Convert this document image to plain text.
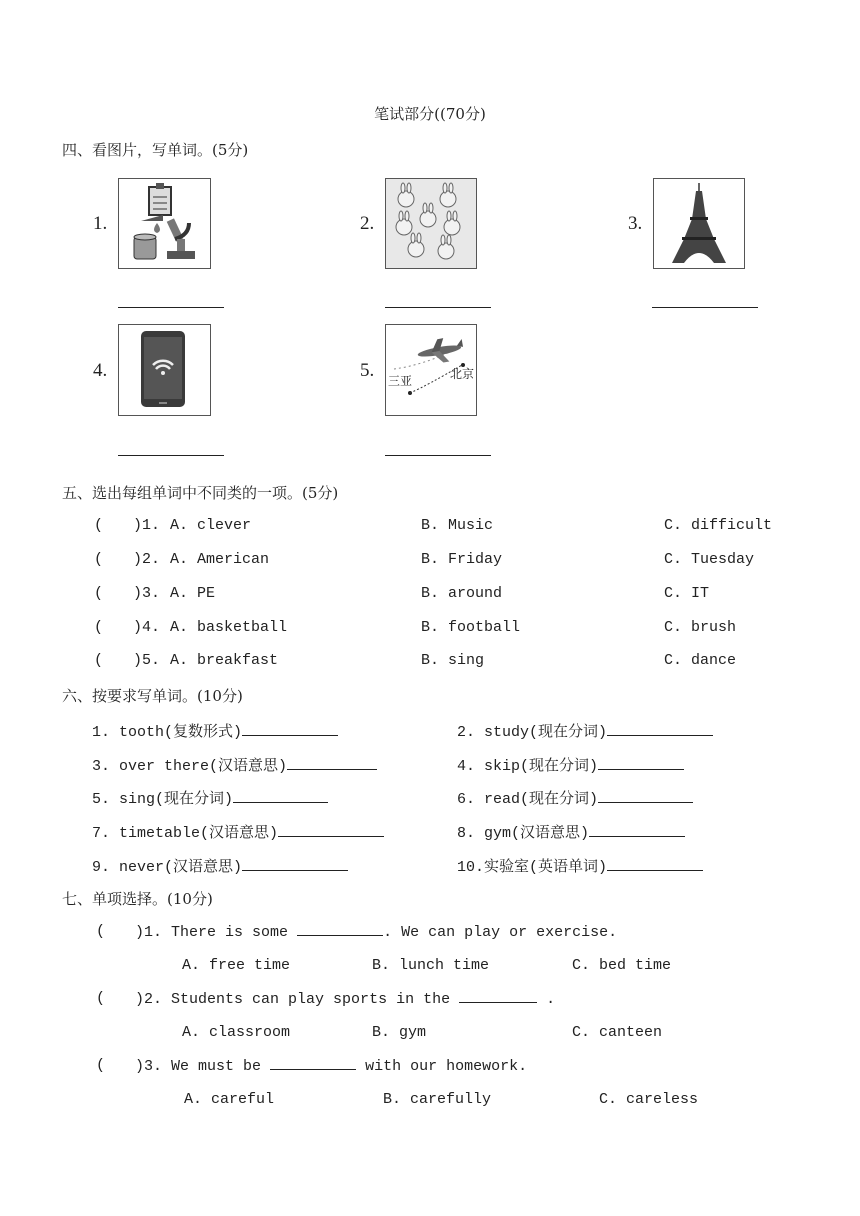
笔试部分((70分)
四、看图片，写单词。(5分)
1.	2.	3.
4.	5. 三亚	北京
五、选出每组单词中不同类的一项。(5分)
( )1. A. clever	B. Music	C. difficult
( )2. A. American	B. Friday	C. Tuesday
( )3. A. PE	B. around	C. IT
( )4. A. basketball	B. football	C. brush
( )5. A. breakfast	B. sing	C. dance
六、按要求写单词。(10分)
1. tooth(复数形式)	2. study(现在分词)
3. over there(汉语意思)	4. skip(现在分词)
5. sing(现在分词)	6. read(现在分词)
7. timetable(汉语意思)	8. gym(汉语意思)
9. never(汉语意思)	10.实验室(英语单词)
七、单项选择。(10分)
( )1. There is some	. We can play or exercise.
A. free time	B. lunch time	C. bed time
( )2. Students can play sports in the	.
A. classroom	B. gym	C. canteen
( )3. We must be	with our homework.
A. careful	B. carefully	C. careless
